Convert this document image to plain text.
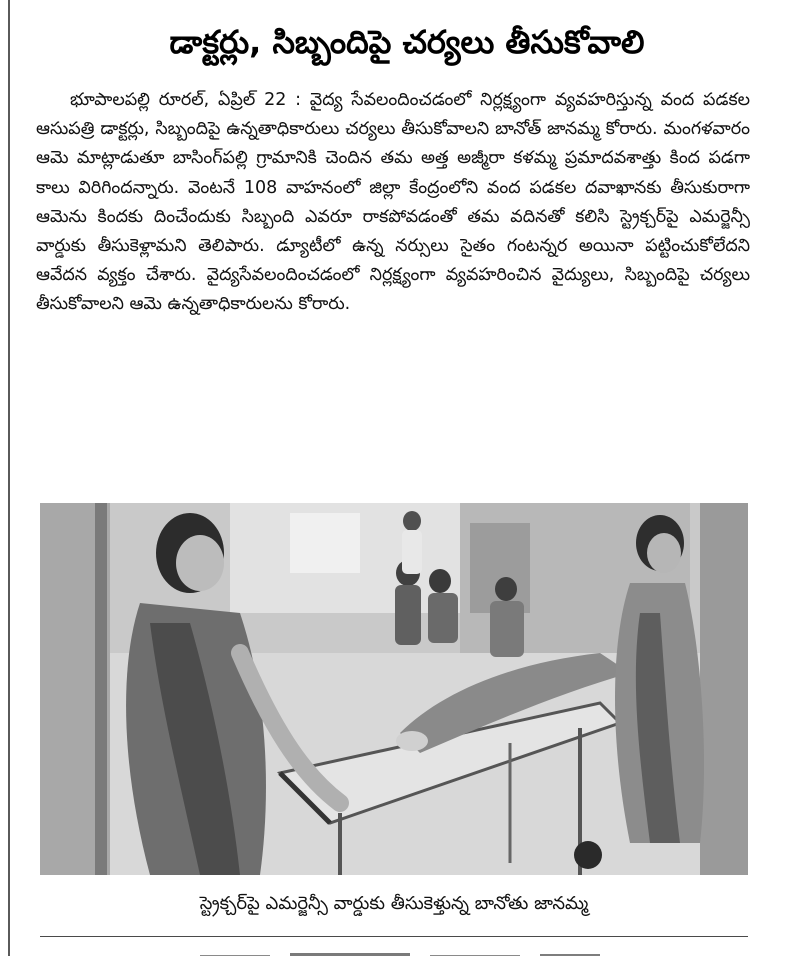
డాక్టర్లు, సిబ్బందిపై చర్యలు తీసుకోవాలి

భూపాలపల్లి రూరల్, ఏప్రిల్ 22 : వైద్య సేవలందించడంలో నిర్లక్ష్యంగా వ్యవహరిస్తున్న వంద పడకల ఆసుపత్రి డాక్టర్లు, సిబ్బందిపై ఉన్నతాధికారులు చర్యలు తీసుకోవాలని బానోత్ జానమ్మ కోరారు. మంగళవారం ఆమె మాట్లాడుతూ బాసింగ్‌పల్లి గ్రామానికి చెందిన తమ అత్త అజ్మీరా కళమ్మ ప్రమాదవశాత్తు కింద పడగా కాలు విరిగిందన్నారు. వెంటనే 108 వాహనంలో జిల్లా కేంద్రంలోని వంద పడకల దవాఖానకు తీసుకురాగా ఆమెను కిందకు దించేందుకు సిబ్బంది ఎవరూ రాకపోవడంతో తమ వదినతో కలిసి స్ట్రెక్చర్‌పై ఎమర్జెన్సీ వార్డుకు తీసుకెళ్లామని తెలిపారు. డ్యూటీలో ఉన్న నర్సులు సైతం గంటన్నర అయినా పట్టించుకోలేదని ఆవేదన వ్యక్తం చేశారు. వైద్యసేవలందించడంలో నిర్లక్ష్యంగా వ్యవహరించిన వైద్యులు, సిబ్బందిపై చర్యలు తీసుకోవాలని ఆమె ఉన్నతాధికారులను కోరారు.

స్ట్రెక్చర్‌పై ఎమర్జెన్సీ వార్డుకు తీసుకెళ్తున్న బానోతు జానమ్మ
